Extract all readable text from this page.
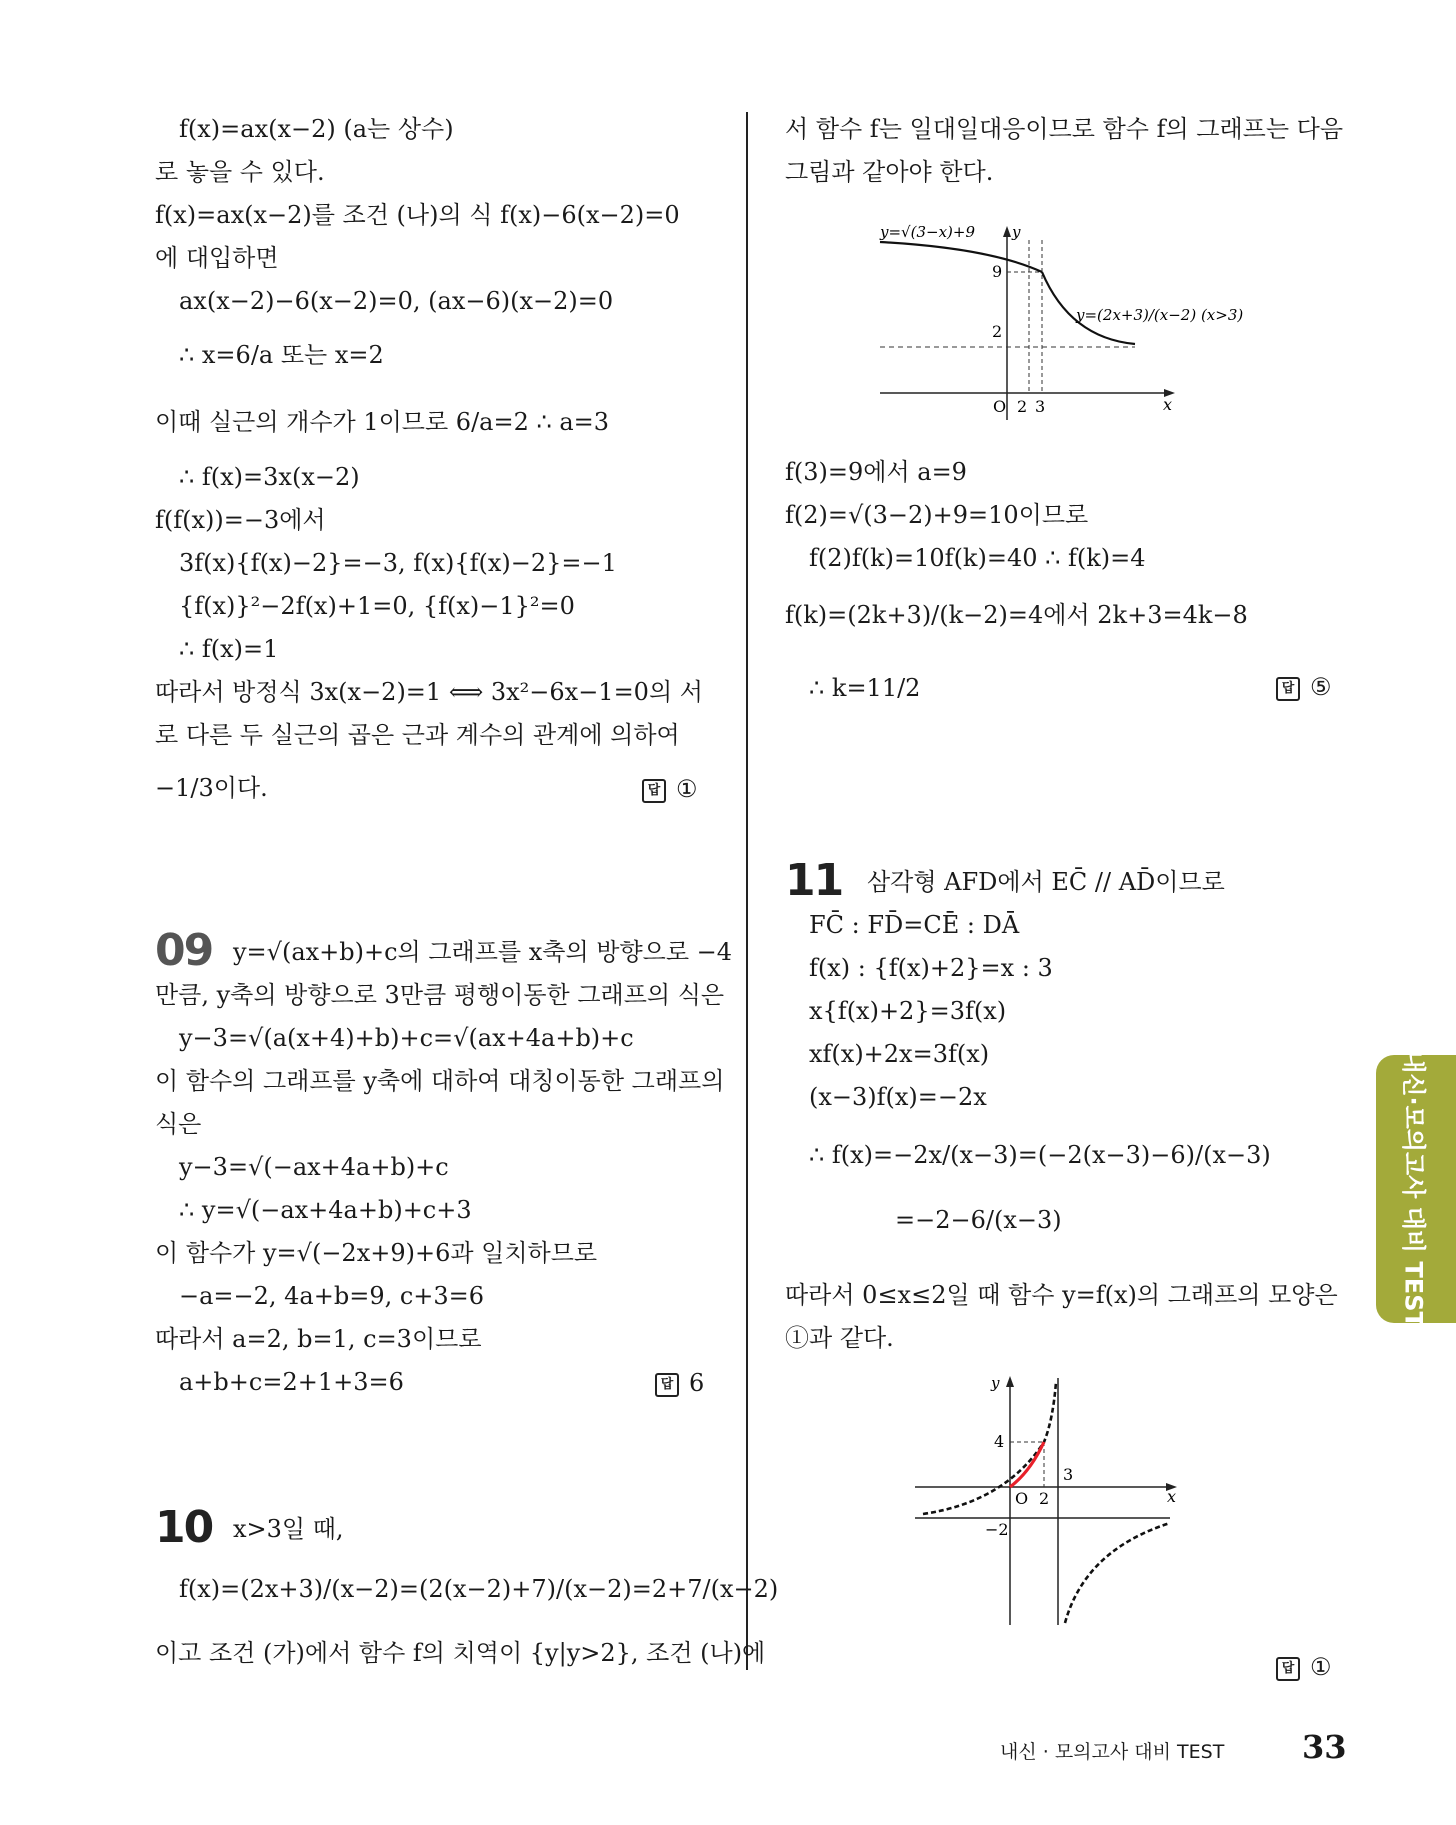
f(x)=ax(x−2) (a는 상수)
로 놓을 수 있다.
f(x)=ax(x−2)를 조건 (나)의 식 f(x)−6(x−2)=0
에 대입하면
ax(x−2)−6(x−2)=0, (ax−6)(x−2)=0
∴ x=6/a 또는 x=2
이때 실근의 개수가 1이므로 6/a=2 ∴ a=3
∴ f(x)=3x(x−2)
f(f(x))=−3에서
3f(x){f(x)−2}=−3, f(x){f(x)−2}=−1
{f(x)}²−2f(x)+1=0, {f(x)−1}²=0
∴ f(x)=1
따라서 방정식 3x(x−2)=1 ⟺ 3x²−6x−1=0의 서
로 다른 두 실근의 곱은 근과 계수의 관계에 의하여
−1/3이다.	답 ①
09 y=√(ax+b)+c의 그래프를 x축의 방향으로 −4
만큼, y축의 방향으로 3만큼 평행이동한 그래프의 식은
y−3=√(a(x+4)+b)+c=√(ax+4a+b)+c
이 함수의 그래프를 y축에 대하여 대칭이동한 그래프의
식은
y−3=√(−ax+4a+b)+c
∴ y=√(−ax+4a+b)+c+3
이 함수가 y=√(−2x+9)+6과 일치하므로
−a=−2, 4a+b=9, c+3=6
따라서 a=2, b=1, c=3이므로
a+b+c=2+1+3=6	답 6
10 x>3일 때,
f(x)=(2x+3)/(x−2)=(2(x−2)+7)/(x−2)=2+7/(x−2)
이고 조건 (가)에서 함수 f의 치역이 {y|y>2}, 조건 (나)에
서 함수 f는 일대일대응이므로 함수 f의 그래프는 다음
그림과 같아야 한다.
y=√(3−x)+9 y
x
9
2
O 2 3
y=(2x+3)/(x−2) (x>3)
f(3)=9에서 a=9
f(2)=√(3−2)+9=10이므로
f(2)f(k)=10f(k)=40 ∴ f(k)=4
f(k)=(2k+3)/(k−2)=4에서 2k+3=4k−8
∴ k=11/2	답 ⑤
11 삼각형 AFD에서 EC̄ // AD̄이므로
FC̄ : FD̄=CĒ : DĀ
f(x) : {f(x)+2}=x : 3
x{f(x)+2}=3f(x)
xf(x)+2x=3f(x)
(x−3)f(x)=−2x
∴ f(x)=−2x/(x−3)=(−2(x−3)−6)/(x−3)
=−2−6/(x−3)
따라서 0≤x≤2일 때 함수 y=f(x)의 그래프의 모양은
①과 같다.
y
x
O
4
−2
2
3
답 ①
내신·모의고사 대비 TEST
내신 · 모의고사 대비 TEST 33
